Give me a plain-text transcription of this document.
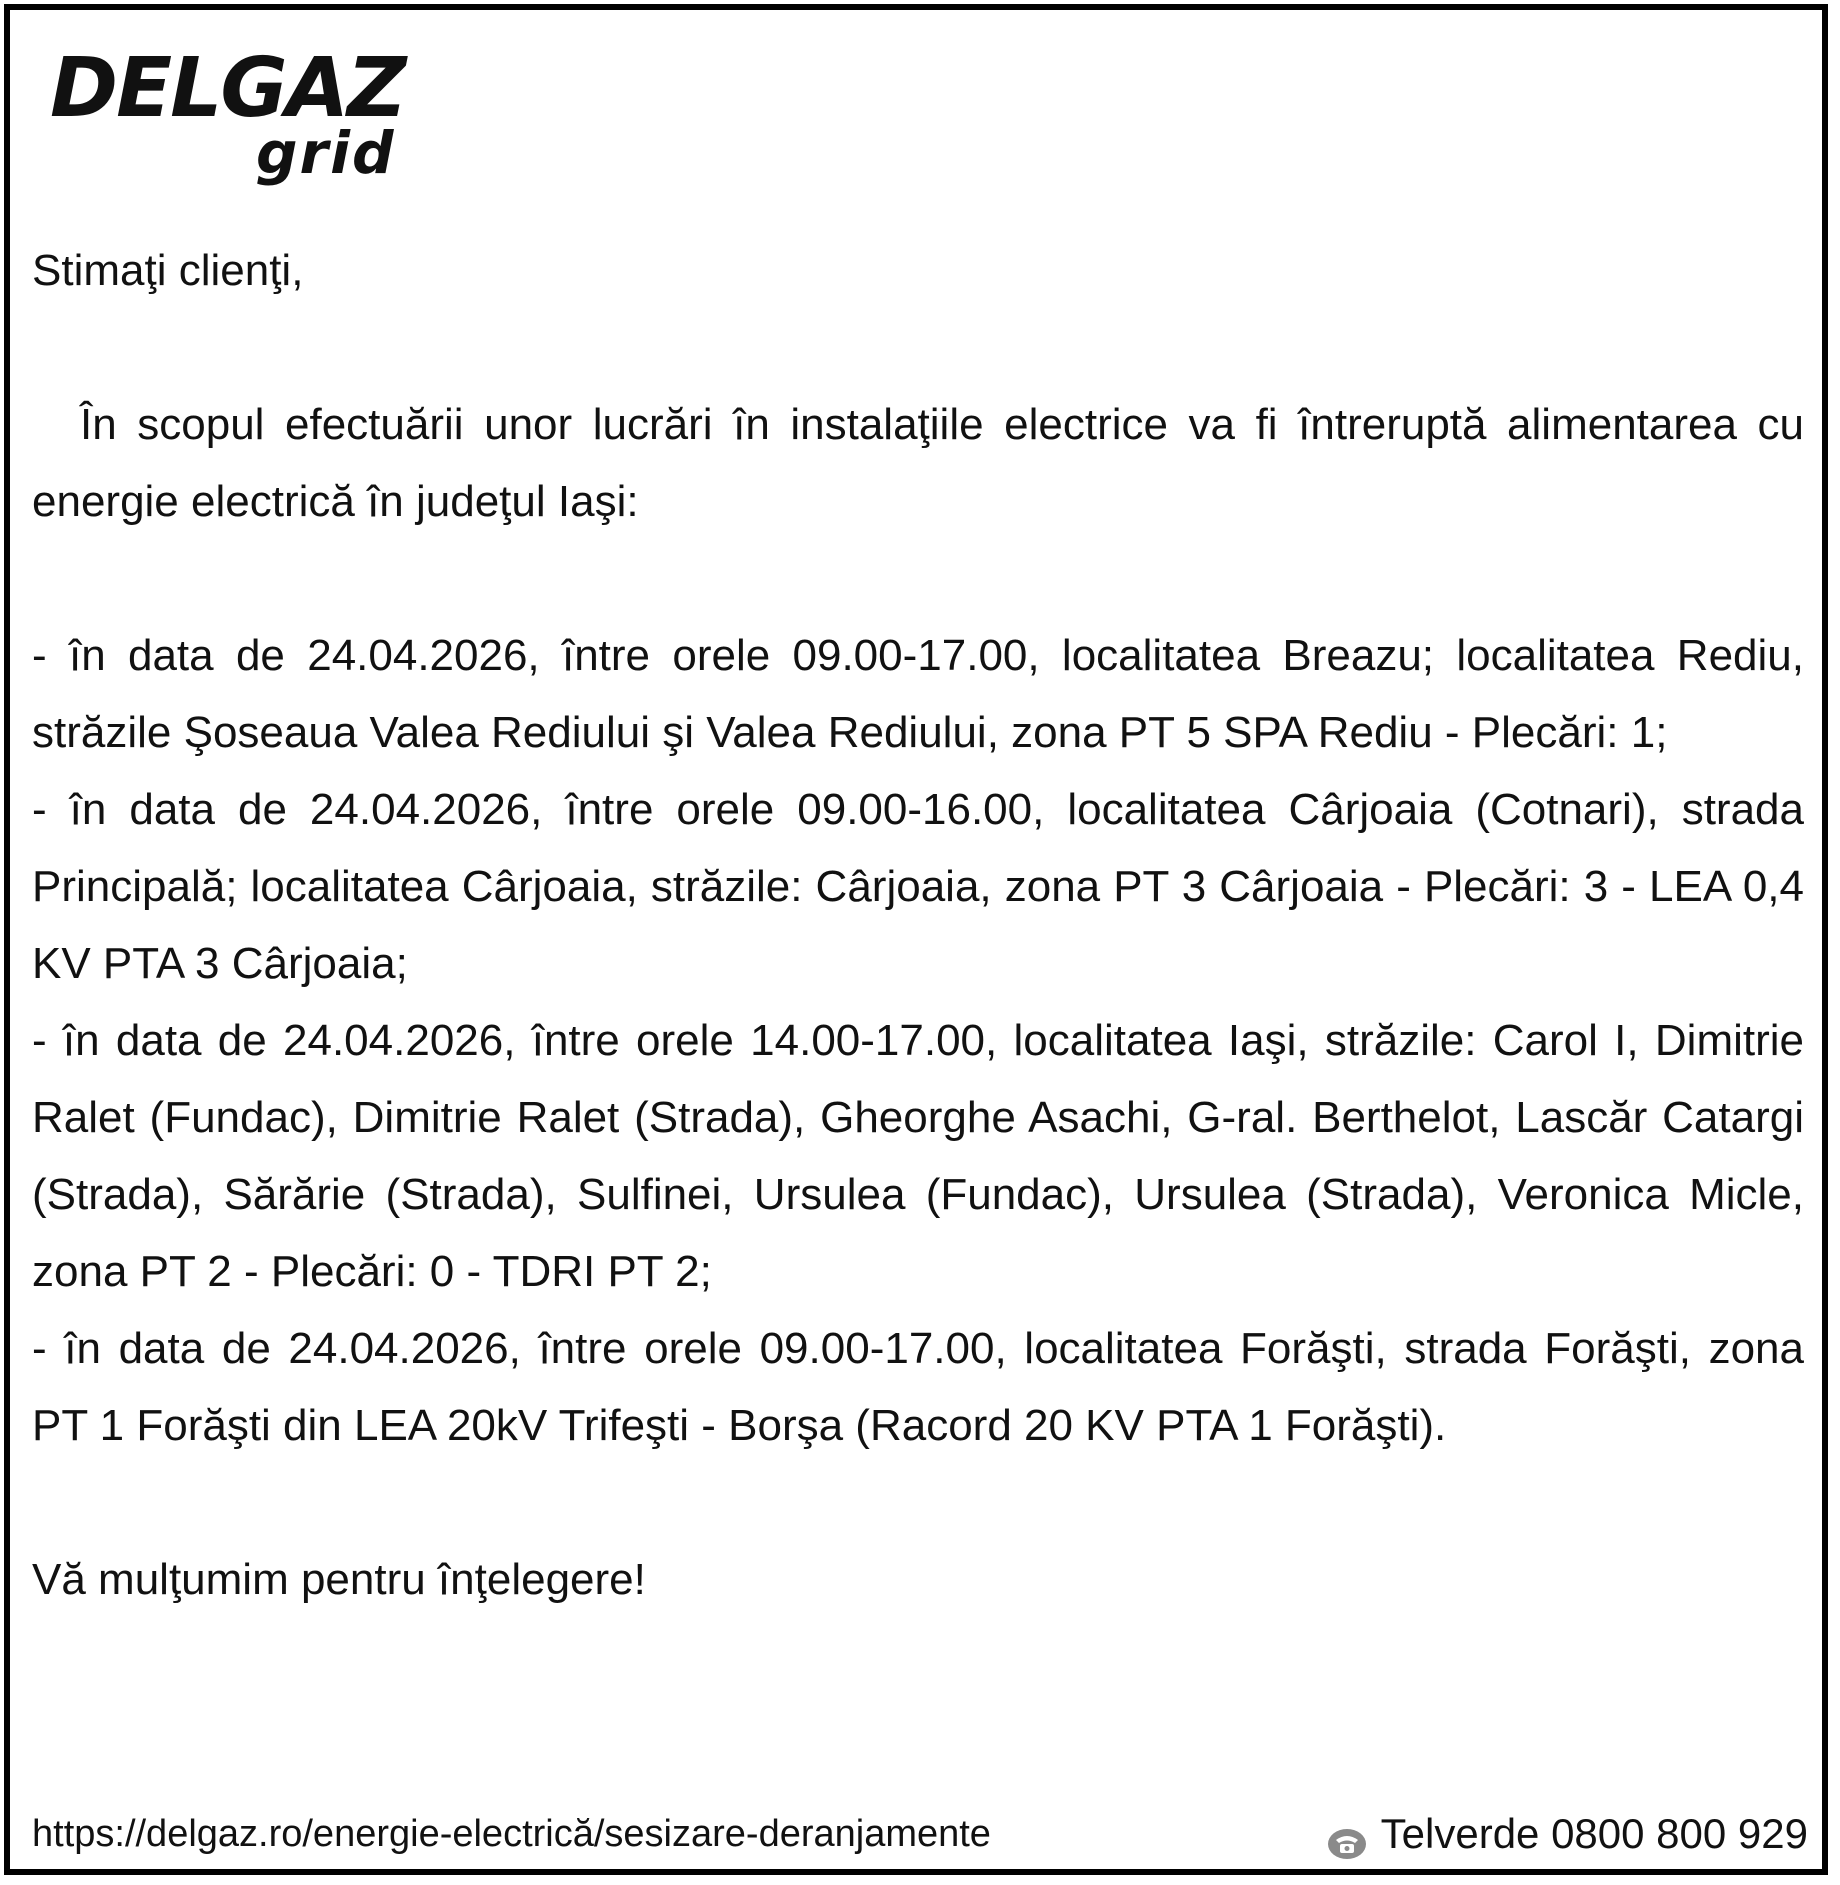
DELGAZ
grid

Stimaţi clienţi,

În scopul efectuării unor lucrări în instalaţiile electrice va fi întreruptă alimentarea cu energie electrică în judeţul Iaşi:

- în data de 24.04.2026, între orele 09.00-17.00, localitatea Breazu; localitatea Rediu, străzile Şoseaua Valea Rediului şi Valea Rediului, zona PT 5 SPA Rediu - Plecări: 1;

- în data de 24.04.2026, între orele 09.00-16.00, localitatea Cârjoaia (Cotnari), strada Principală; localitatea Cârjoaia, străzile: Cârjoaia, zona PT 3 Cârjoaia - Plecări: 3 - LEA 0,4 KV PTA 3 Cârjoaia;

- în data de 24.04.2026, între orele 14.00-17.00, localitatea Iaşi, străzile: Carol I, Dimitrie Ralet (Fundac), Dimitrie Ralet (Strada), Gheorghe Asachi, G-ral. Berthelot, Lascăr Catargi (Strada), Sărărie (Strada), Sulfinei, Ursulea (Fundac), Ursulea (Strada), Veronica Micle, zona PT 2 - Plecări: 0 - TDRI PT 2;

- în data de 24.04.2026, între orele 09.00-17.00, localitatea Forăşti, strada Forăşti, zona PT 1 Forăşti din LEA 20kV Trifeşti - Borşa (Racord 20 KV PTA 1 Forăşti).

Vă mulţumim pentru înţelegere!

https://delgaz.ro/energie-electrică/sesizare-deranjamente	Telverde 0800 800 929
